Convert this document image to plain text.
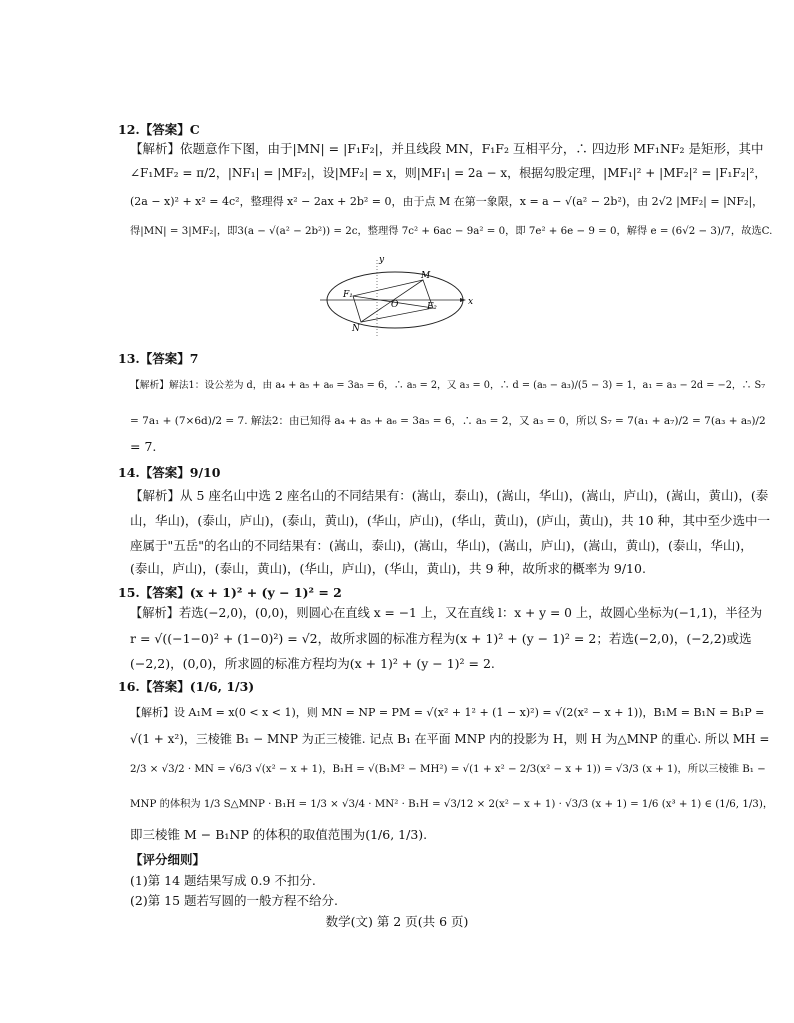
12.【答案】C
【解析】依题意作下图，由于|MN| = |F₁F₂|，并且线段 MN，F₁F₂ 互相平分，∴ 四边形 MF₁NF₂ 是矩形，其中
∠F₁MF₂ = π/2，|NF₁| = |MF₂|，设|MF₂| = x，则|MF₁| = 2a − x，根据勾股定理，|MF₁|² + |MF₂|² = |F₁F₂|²，
(2a − x)² + x² = 4c²，整理得 x² − 2ax + 2b² = 0，由于点 M 在第一象限，x = a − √(a² − 2b²)，由 2√2 |MF₂| = |NF₂|，
得|MN| = 3|MF₂|，即3(a − √(a² − 2b²)) = 2c，整理得 7c² + 6ac − 9a² = 0，即 7e² + 6e − 9 = 0，解得 e = (6√2 − 3)/7，故选C.
y
x
M
F₁
O	F₂
N
13.【答案】7
【解析】解法1：设公差为 d，由 a₄ + a₅ + a₆ = 3a₅ = 6，∴ a₅ = 2，又 a₃ = 0，∴ d = (a₅ − a₃)/(5 − 3) = 1，a₁ = a₃ − 2d = −2，∴ S₇
= 7a₁ + (7×6d)/2 = 7. 解法2：由已知得 a₄ + a₅ + a₆ = 3a₅ = 6，∴ a₅ = 2，又 a₃ = 0，所以 S₇ = 7(a₁ + a₇)/2 = 7(a₃ + a₅)/2
= 7.
14.【答案】9/10
【解析】从 5 座名山中选 2 座名山的不同结果有：(嵩山，泰山)，(嵩山，华山)，(嵩山，庐山)，(嵩山，黄山)，(泰
山，华山)，(泰山，庐山)，(泰山，黄山)，(华山，庐山)，(华山，黄山)，(庐山，黄山)，共 10 种，其中至少选中一
座属于"五岳"的名山的不同结果有：(嵩山，泰山)，(嵩山，华山)，(嵩山，庐山)，(嵩山，黄山)，(泰山，华山)，
(泰山，庐山)，(泰山，黄山)，(华山，庐山)，(华山，黄山)，共 9 种，故所求的概率为 9/10.
15.【答案】(x + 1)² + (y − 1)² = 2
【解析】若选(−2,0)，(0,0)，则圆心在直线 x = −1 上，又在直线 l：x + y = 0 上，故圆心坐标为(−1,1)，半径为
r = √((−1−0)² + (1−0)²) = √2，故所求圆的标准方程为(x + 1)² + (y − 1)² = 2；若选(−2,0)，(−2,2)或选
(−2,2)，(0,0)，所求圆的标准方程均为(x + 1)² + (y − 1)² = 2.
16.【答案】(1/6, 1/3)
【解析】设 A₁M = x(0 < x < 1)，则 MN = NP = PM = √(x² + 1² + (1 − x)²) = √(2(x² − x + 1))，B₁M = B₁N = B₁P =
√(1 + x²)，三棱锥 B₁ − MNP 为正三棱锥. 记点 B₁ 在平面 MNP 内的投影为 H，则 H 为△MNP 的重心. 所以 MH =
2/3 × √3/2 · MN = √6/3 √(x² − x + 1)，B₁H = √(B₁M² − MH²) = √(1 + x² − 2/3(x² − x + 1)) = √3/3 (x + 1)，所以三棱锥 B₁ −
MNP 的体积为 1/3 S△MNP · B₁H = 1/3 × √3/4 · MN² · B₁H = √3/12 × 2(x² − x + 1) · √3/3 (x + 1) = 1/6 (x³ + 1) ∈ (1/6, 1/3)，
即三棱锥 M − B₁NP 的体积的取值范围为(1/6, 1/3).
【评分细则】
(1)第 14 题结果写成 0.9 不扣分.
(2)第 15 题若写圆的一般方程不给分.
数学(文) 第 2 页(共 6 页)
